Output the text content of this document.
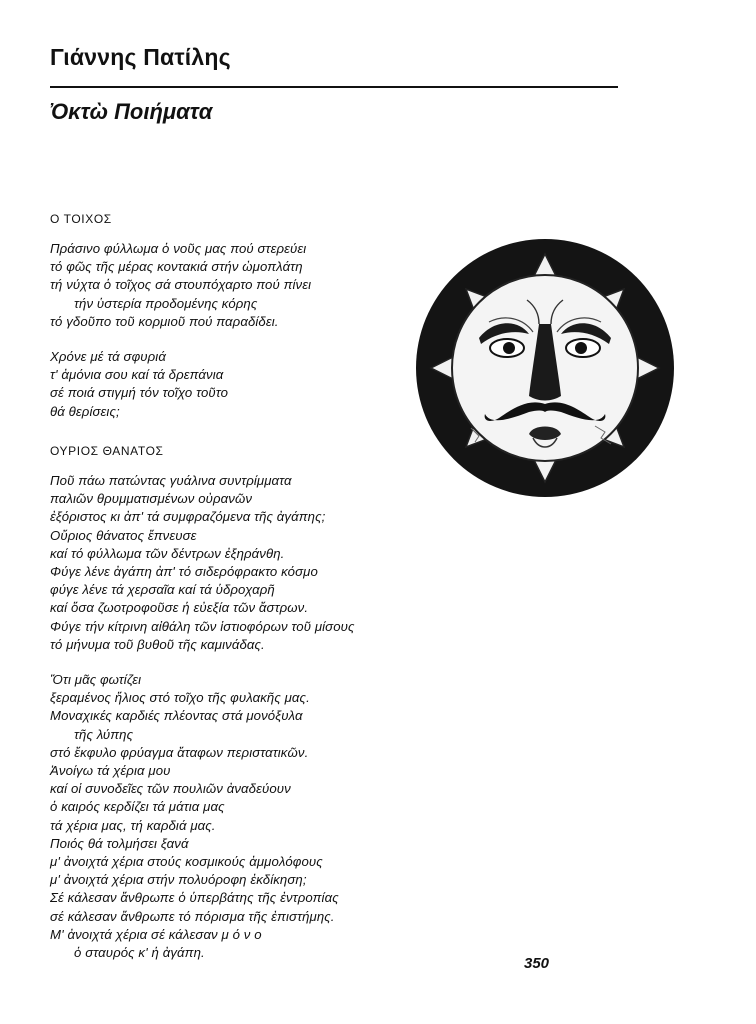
Γιάννης Πατίλης
Ὀκτὼ Ποιήματα
Ο ΤΟΙΧΟΣ
Πράσινο φύλλωμα ὁ νοῦς μας πού στερεύει
τό φῶς τῆς μέρας κοντακιά στήν ὠμοπλάτη
τή νύχτα ὁ τοῖχος σά στουπόχαρτο πού πίνει
τήν ὑστερία προδομένης κόρης
τό γδοῦπο τοῦ κορμιοῦ πού παραδίδει.
Χρόνε μέ τά σφυριά
τ' ἀμόνια σου καί τά δρεπάνια
σέ ποιά στιγμή τόν τοῖχο τοῦτο
θά θερίσεις;
ΟΥΡΙΟΣ ΘΑΝΑΤΟΣ
Ποῦ πάω πατώντας γυάλινα συντρίμματα
παλιῶν θρυμματισμένων οὐρανῶν
ἐξόριστος κι ἀπ' τά συμφραζόμενα τῆς ἀγάπης;
Οὔριος θάνατος ἔπνευσε
καί τό φύλλωμα τῶν δέντρων ἐξηράνθη.
Φύγε λένε ἀγάπη ἀπ' τό σιδερόφρακτο κόσμο
φύγε λένε τά χερσαῖα καί τά ὑδροχαρῆ
καί ὅσα ζωοτροφοῦσε ἡ εὐεξία τῶν ἄστρων.
Φύγε τήν κίτρινη αἰθάλη τῶν ἱστιοφόρων τοῦ μίσους
τό μήνυμα τοῦ βυθοῦ τῆς καμινάδας.
Ὅτι μᾶς φωτίζει
ξεραμένος ἥλιος στό τοῖχο τῆς φυλακῆς μας.
Μοναχικές καρδιές πλέοντας στά μονόξυλα
τῆς λύπης
στό ἔκφυλο φρύαγμα ἄταφων περιστατικῶν.
Ἀνοίγω τά χέρια μου
καί οἱ συνοδεῖες τῶν πουλιῶν ἀναδεύουν
ὁ καιρός κερδίζει τά μάτια μας
τά χέρια μας, τή καρδιά μας.
Ποιός θά τολμήσει ξανά
μ' ἀνοιχτά χέρια στούς κοσμικούς ἀμμολόφους
μ' ἀνοιχτά χέρια στήν πολυόροφη ἐκδίκηση;
Σέ κάλεσαν ἄνθρωπε ὁ ὑπερβάτης τῆς ἐντροπίας
σέ κάλεσαν ἄνθρωπε τό πόρισμα τῆς ἐπιστήμης.
Μ' ἀνοιχτά χέρια σέ κάλεσαν μ ό ν ο
ὁ σταυρός κ' ἡ ἀγάπη.
350
